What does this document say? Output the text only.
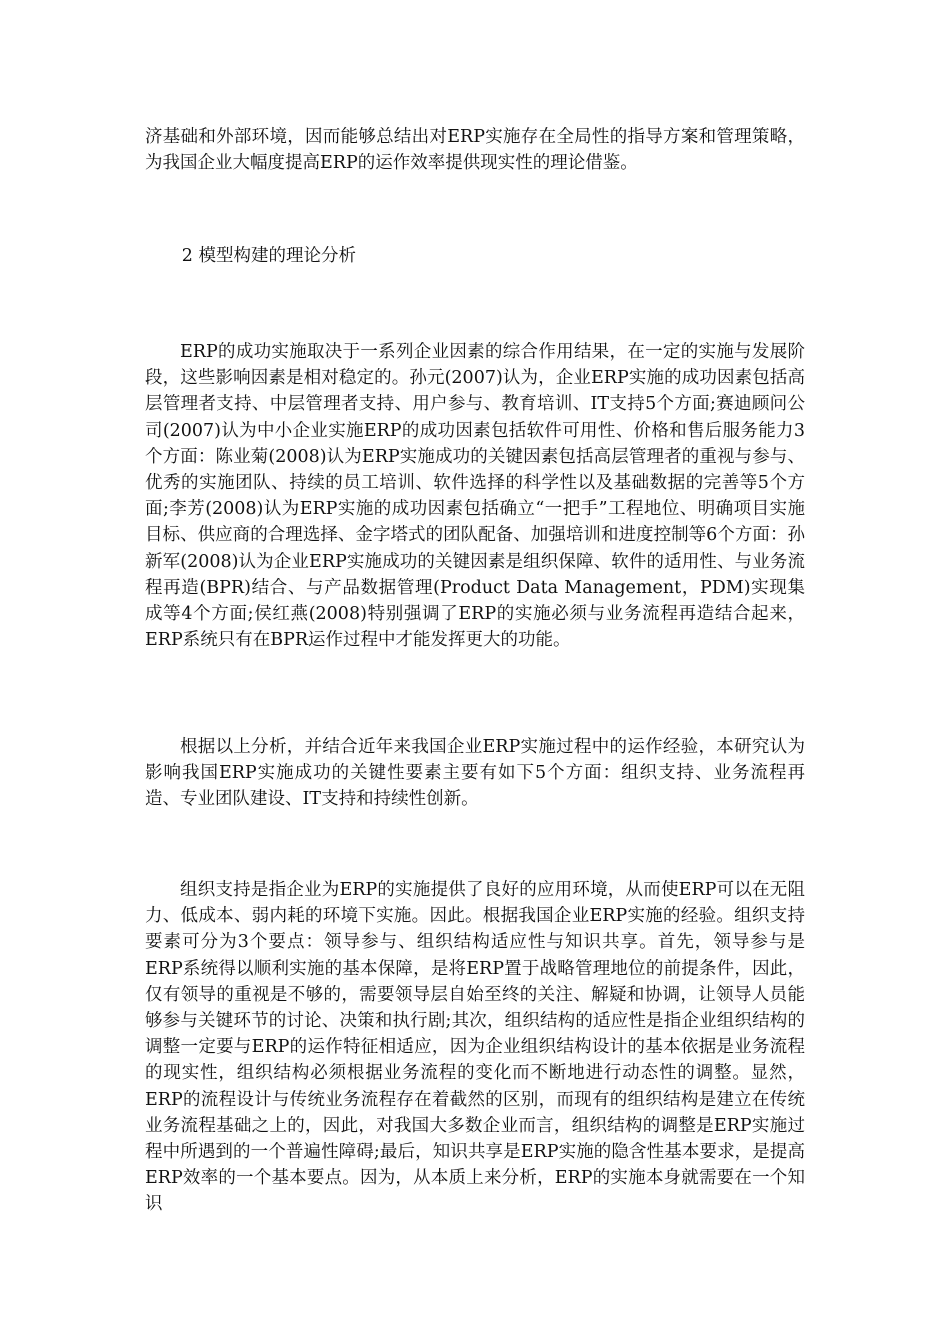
济基础和外部环境，因而能够总结出对ERP实施存在全局性的指导方案和管理策略，为我国企业大幅度提高ERP的运作效率提供现实性的理论借鉴。

2 模型构建的理论分析

ERP的成功实施取决于一系列企业因素的综合作用结果，在一定的实施与发展阶段，这些影响因素是相对稳定的。孙元(2007)认为，企业ERP实施的成功因素包括高层管理者支持、中层管理者支持、用户参与、教育培训、IT支持5个方面;赛迪顾问公司(2007)认为中小企业实施ERP的成功因素包括软件可用性、价格和售后服务能力3个方面：陈业菊(2008)认为ERP实施成功的关键因素包括高层管理者的重视与参与、优秀的实施团队、持续的员工培训、软件选择的科学性以及基础数据的完善等5个方面;李芳(2008)认为ERP实施的成功因素包括确立“一把手”工程地位、明确项目实施目标、供应商的合理选择、金字塔式的团队配备、加强培训和进度控制等6个方面：孙新军(2008)认为企业ERP实施成功的关键因素是组织保障、软件的适用性、与业务流程再造(BPR)结合、与产品数据管理(Product Data Management，PDM)实现集成等4个方面;侯红燕(2008)特别强调了ERP的实施必须与业务流程再造结合起来，ERP系统只有在BPR运作过程中才能发挥更大的功能。

根据以上分析，并结合近年来我国企业ERP实施过程中的运作经验，本研究认为影响我国ERP实施成功的关键性要素主要有如下5个方面：组织支持、业务流程再造、专业团队建设、IT支持和持续性创新。

组织支持是指企业为ERP的实施提供了良好的应用环境，从而使ERP可以在无阻力、低成本、弱内耗的环境下实施。因此。根据我国企业ERP实施的经验。组织支持要素可分为3个要点：领导参与、组织结构适应性与知识共享。首先，领导参与是ERP系统得以顺利实施的基本保障，是将ERP置于战略管理地位的前提条件，因此，仅有领导的重视是不够的，需要领导层自始至终的关注、解疑和协调，让领导人员能够参与关键环节的讨论、决策和执行剧;其次，组织结构的适应性是指企业组织结构的调整一定要与ERP的运作特征相适应，因为企业组织结构设计的基本依据是业务流程的现实性，组织结构必须根据业务流程的变化而不断地进行动态性的调整。显然，ERP的流程设计与传统业务流程存在着截然的区别，而现有的组织结构是建立在传统业务流程基础之上的，因此，对我国大多数企业而言，组织结构的调整是ERP实施过程中所遇到的一个普遍性障碍;最后，知识共享是ERP实施的隐含性基本要求，是提高ERP效率的一个基本要点。因为，从本质上来分析，ERP的实施本身就需要在一个知识
